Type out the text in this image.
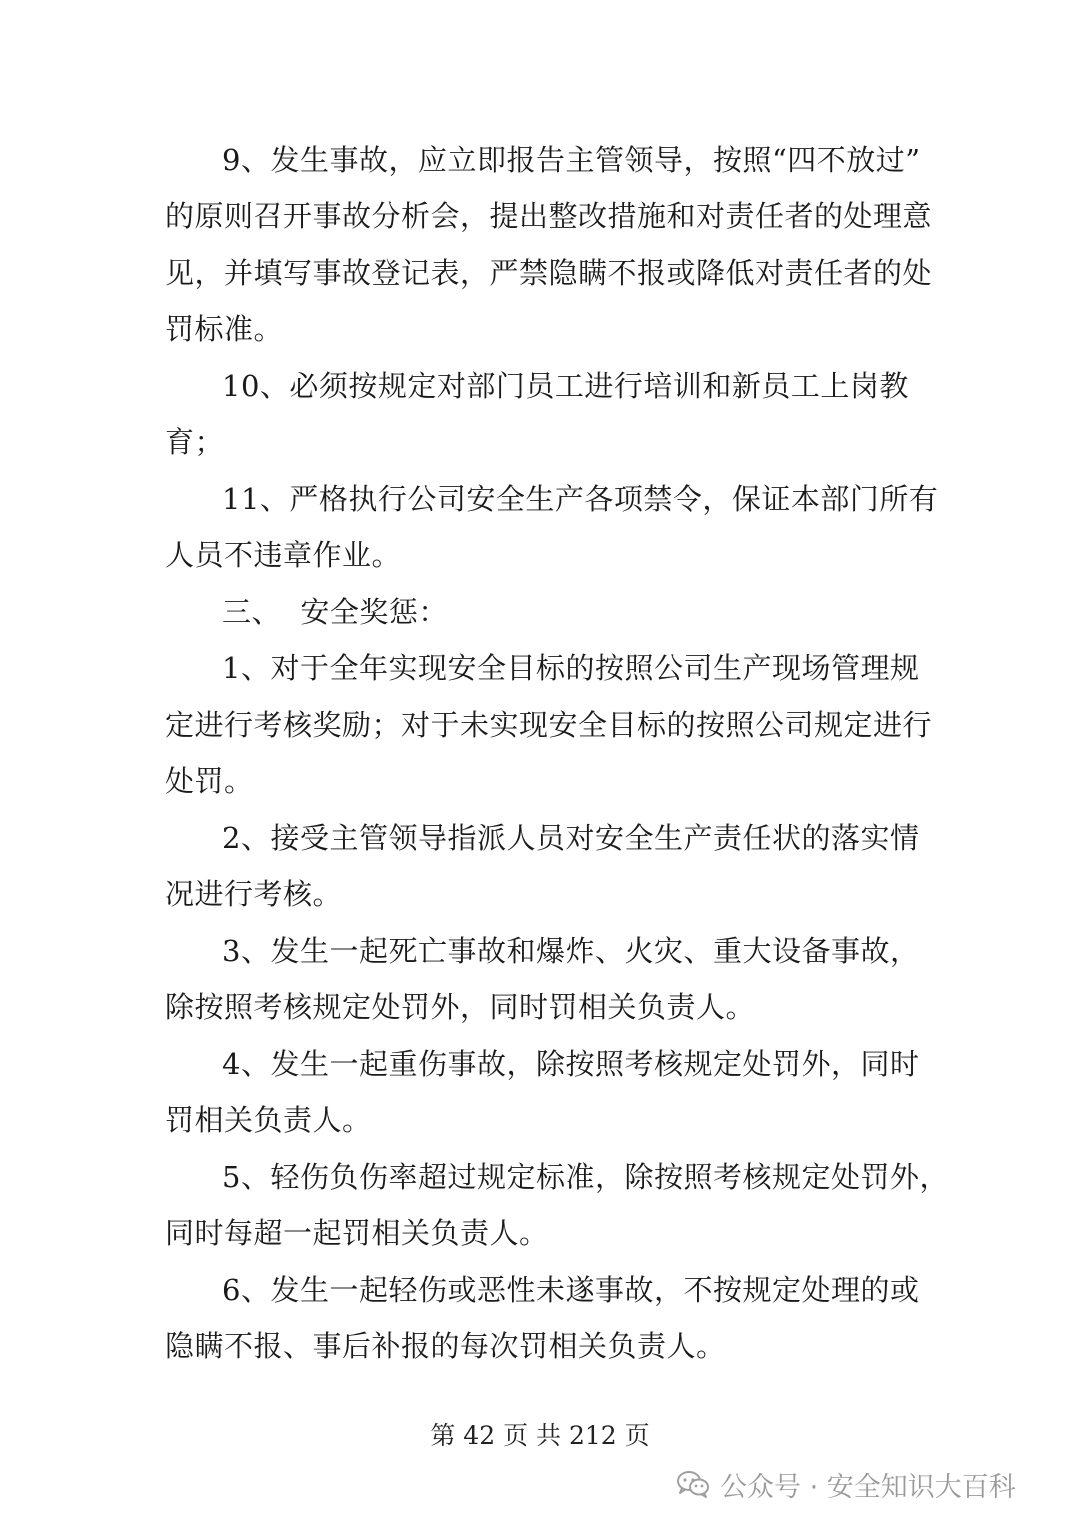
9、发生事故，应立即报告主管领导，按照“四不放过”
的原则召开事故分析会，提出整改措施和对责任者的处理意
见，并填写事故登记表，严禁隐瞒不报或降低对责任者的处
罚标准。
10、必须按规定对部门员工进行培训和新员工上岗教
育；
11、严格执行公司安全生产各项禁令，保证本部门所有
人员不违章作业。
三、  安全奖惩：
1、对于全年实现安全目标的按照公司生产现场管理规
定进行考核奖励；对于未实现安全目标的按照公司规定进行
处罚。
2、接受主管领导指派人员对安全生产责任状的落实情
况进行考核。
3、发生一起死亡事故和爆炸、火灾、重大设备事故，
除按照考核规定处罚外，同时罚相关负责人。
4、发生一起重伤事故，除按照考核规定处罚外，同时
罚相关负责人。
5、轻伤负伤率超过规定标准，除按照考核规定处罚外，
同时每超一起罚相关负责人。
6、发生一起轻伤或恶性未遂事故，不按规定处理的或
隐瞒不报、事后补报的每次罚相关负责人。
第 42 页 共 212 页
公众号 · 安全知识大百科
